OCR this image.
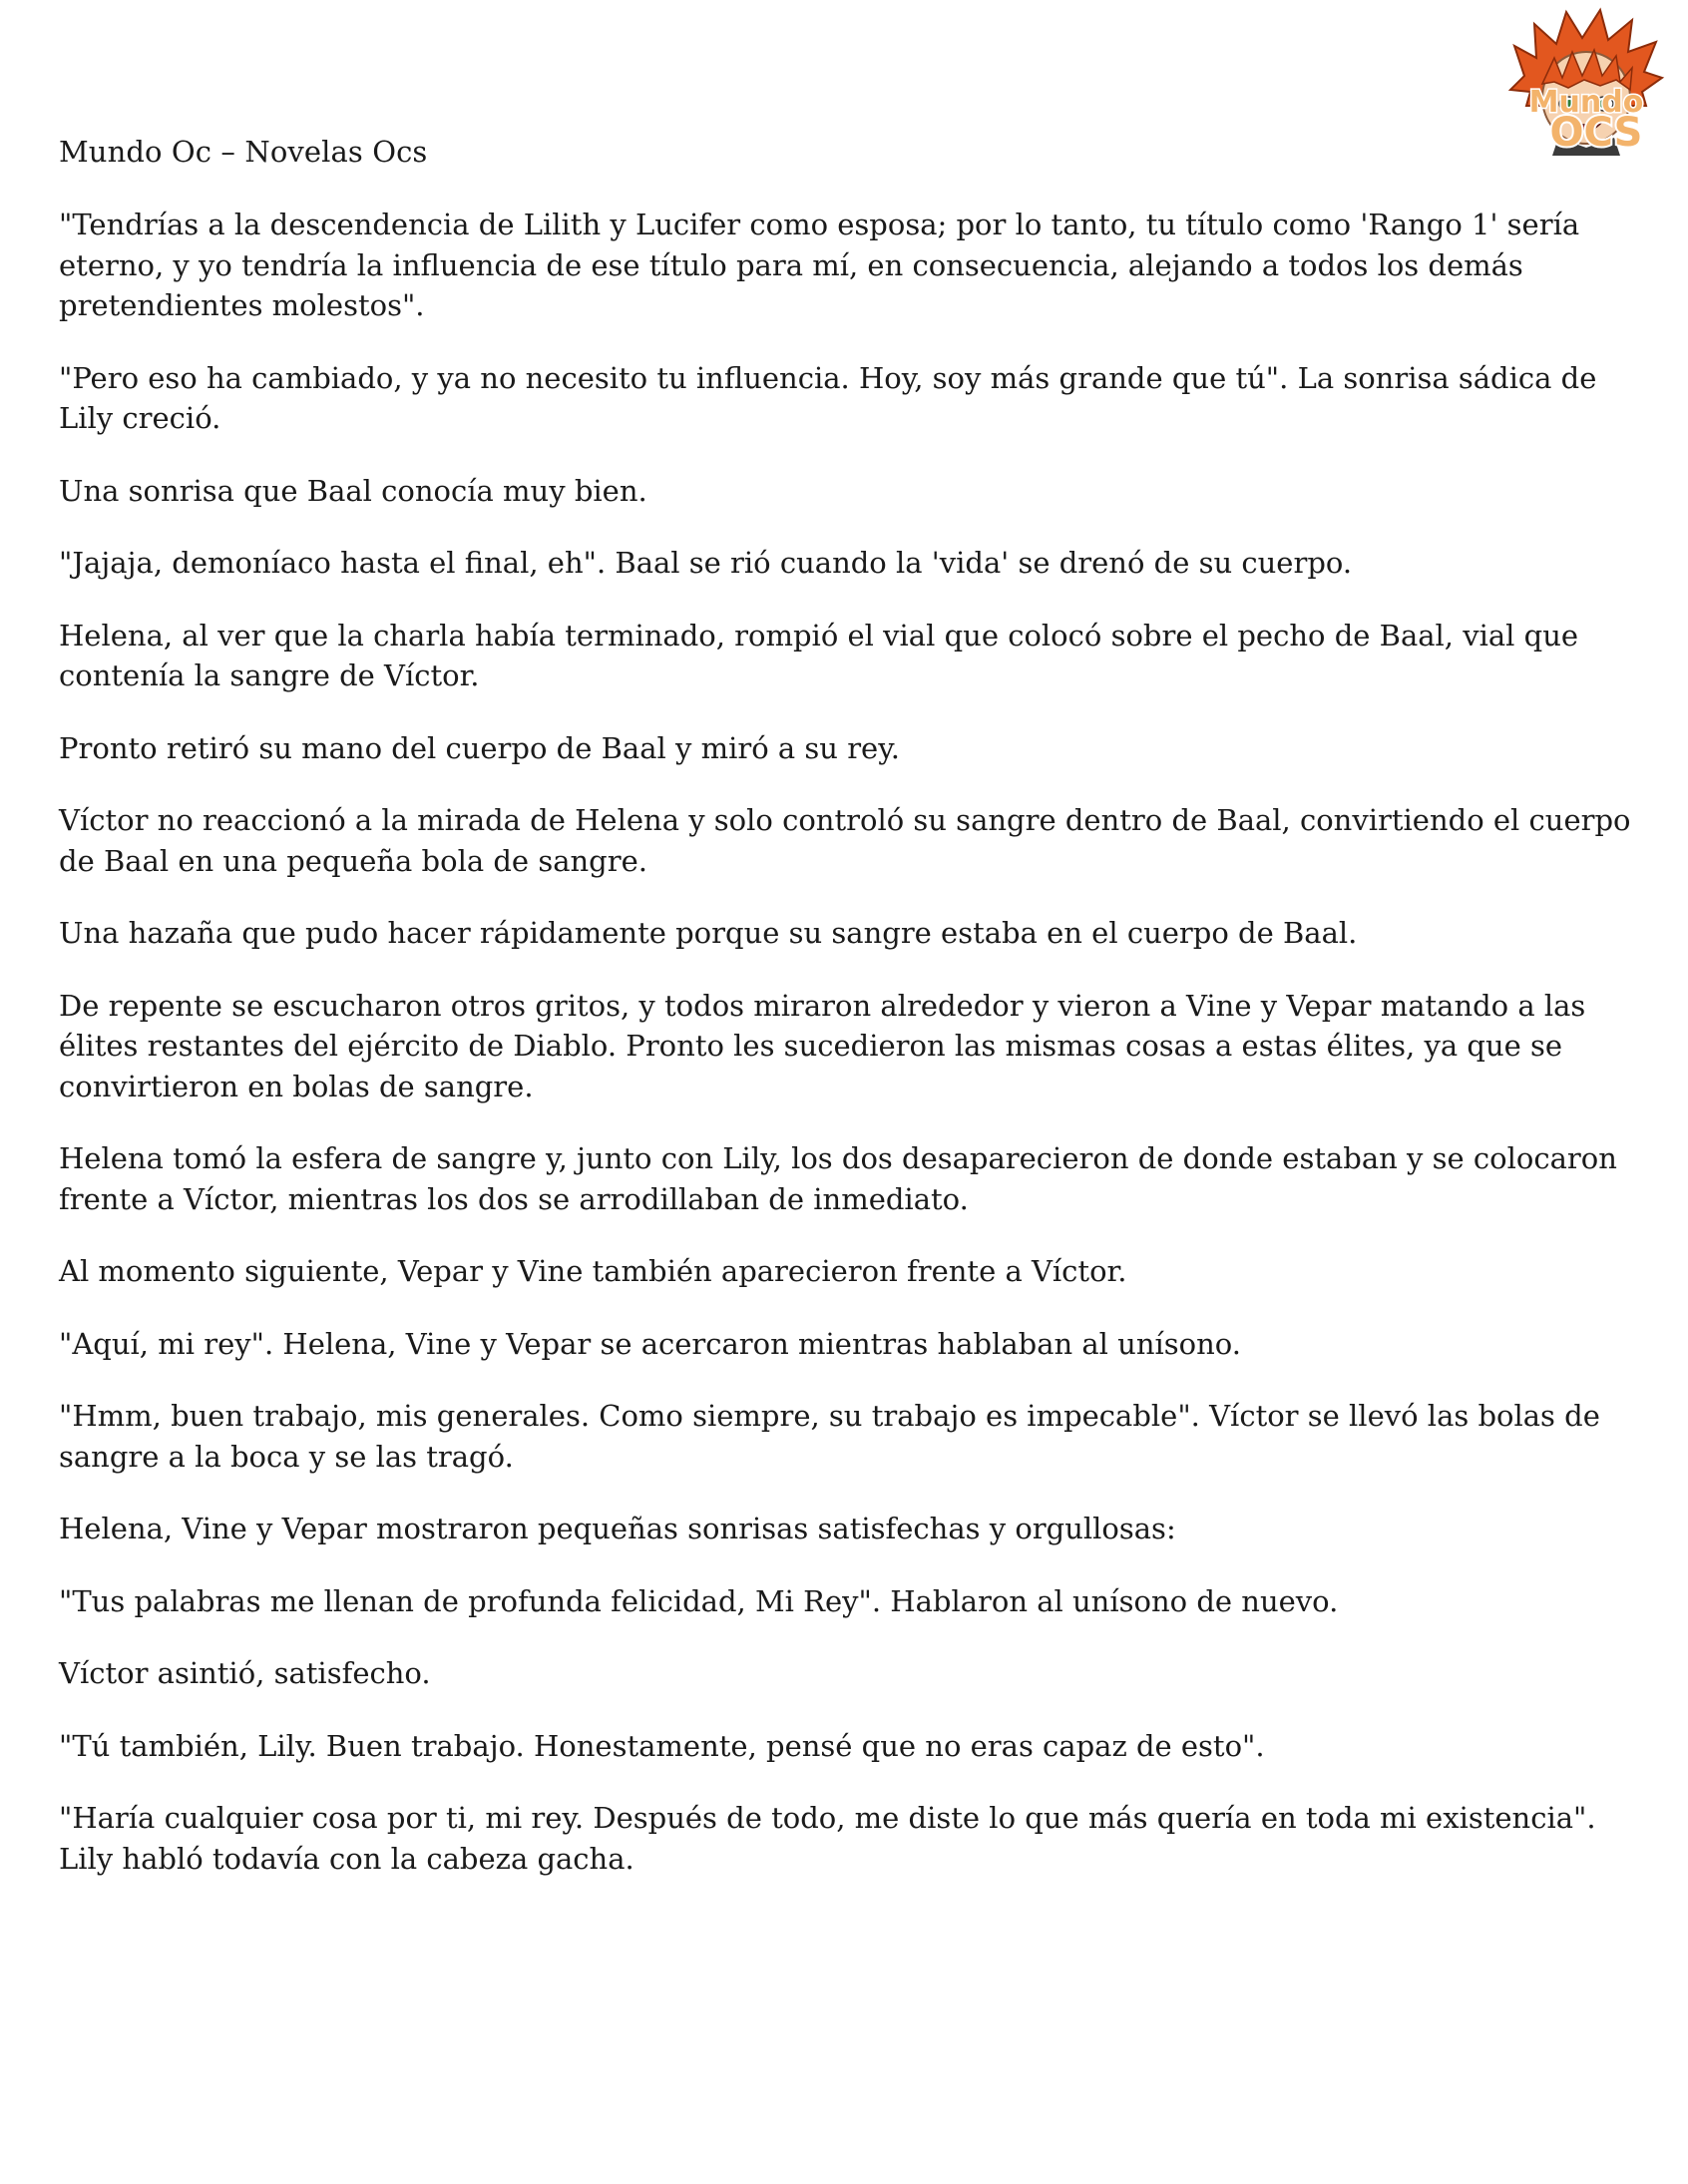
Mundo
OCS
Mundo Oc – Novelas Ocs

"Tendrías a la descendencia de Lilith y Lucifer como esposa; por lo tanto, tu título como 'Rango 1' sería eterno, y yo tendría la influencia de ese título para mí, en consecuencia, alejando a todos los demás pretendientes molestos".

"Pero eso ha cambiado, y ya no necesito tu influencia. Hoy, soy más grande que tú". La sonrisa sádica de Lily creció.

Una sonrisa que Baal conocía muy bien.

"Jajaja, demoníaco hasta el final, eh". Baal se rió cuando la 'vida' se drenó de su cuerpo.

Helena, al ver que la charla había terminado, rompió el vial que colocó sobre el pecho de Baal, vial que contenía la sangre de Víctor.

Pronto retiró su mano del cuerpo de Baal y miró a su rey.

Víctor no reaccionó a la mirada de Helena y solo controló su sangre dentro de Baal, convirtiendo el cuerpo de Baal en una pequeña bola de sangre.

Una hazaña que pudo hacer rápidamente porque su sangre estaba en el cuerpo de Baal.

De repente se escucharon otros gritos, y todos miraron alrededor y vieron a Vine y Vepar matando a las élites restantes del ejército de Diablo. Pronto les sucedieron las mismas cosas a estas élites, ya que se convirtieron en bolas de sangre.

Helena tomó la esfera de sangre y, junto con Lily, los dos desaparecieron de donde estaban y se colocaron frente a Víctor, mientras los dos se arrodillaban de inmediato.

Al momento siguiente, Vepar y Vine también aparecieron frente a Víctor.

"Aquí, mi rey". Helena, Vine y Vepar se acercaron mientras hablaban al unísono.

"Hmm, buen trabajo, mis generales. Como siempre, su trabajo es impecable". Víctor se llevó las bolas de sangre a la boca y se las tragó.

Helena, Vine y Vepar mostraron pequeñas sonrisas satisfechas y orgullosas:

"Tus palabras me llenan de profunda felicidad, Mi Rey". Hablaron al unísono de nuevo.

Víctor asintió, satisfecho.

"Tú también, Lily. Buen trabajo. Honestamente, pensé que no eras capaz de esto".

"Haría cualquier cosa por ti, mi rey. Después de todo, me diste lo que más quería en toda mi existencia". Lily habló todavía con la cabeza gacha.
